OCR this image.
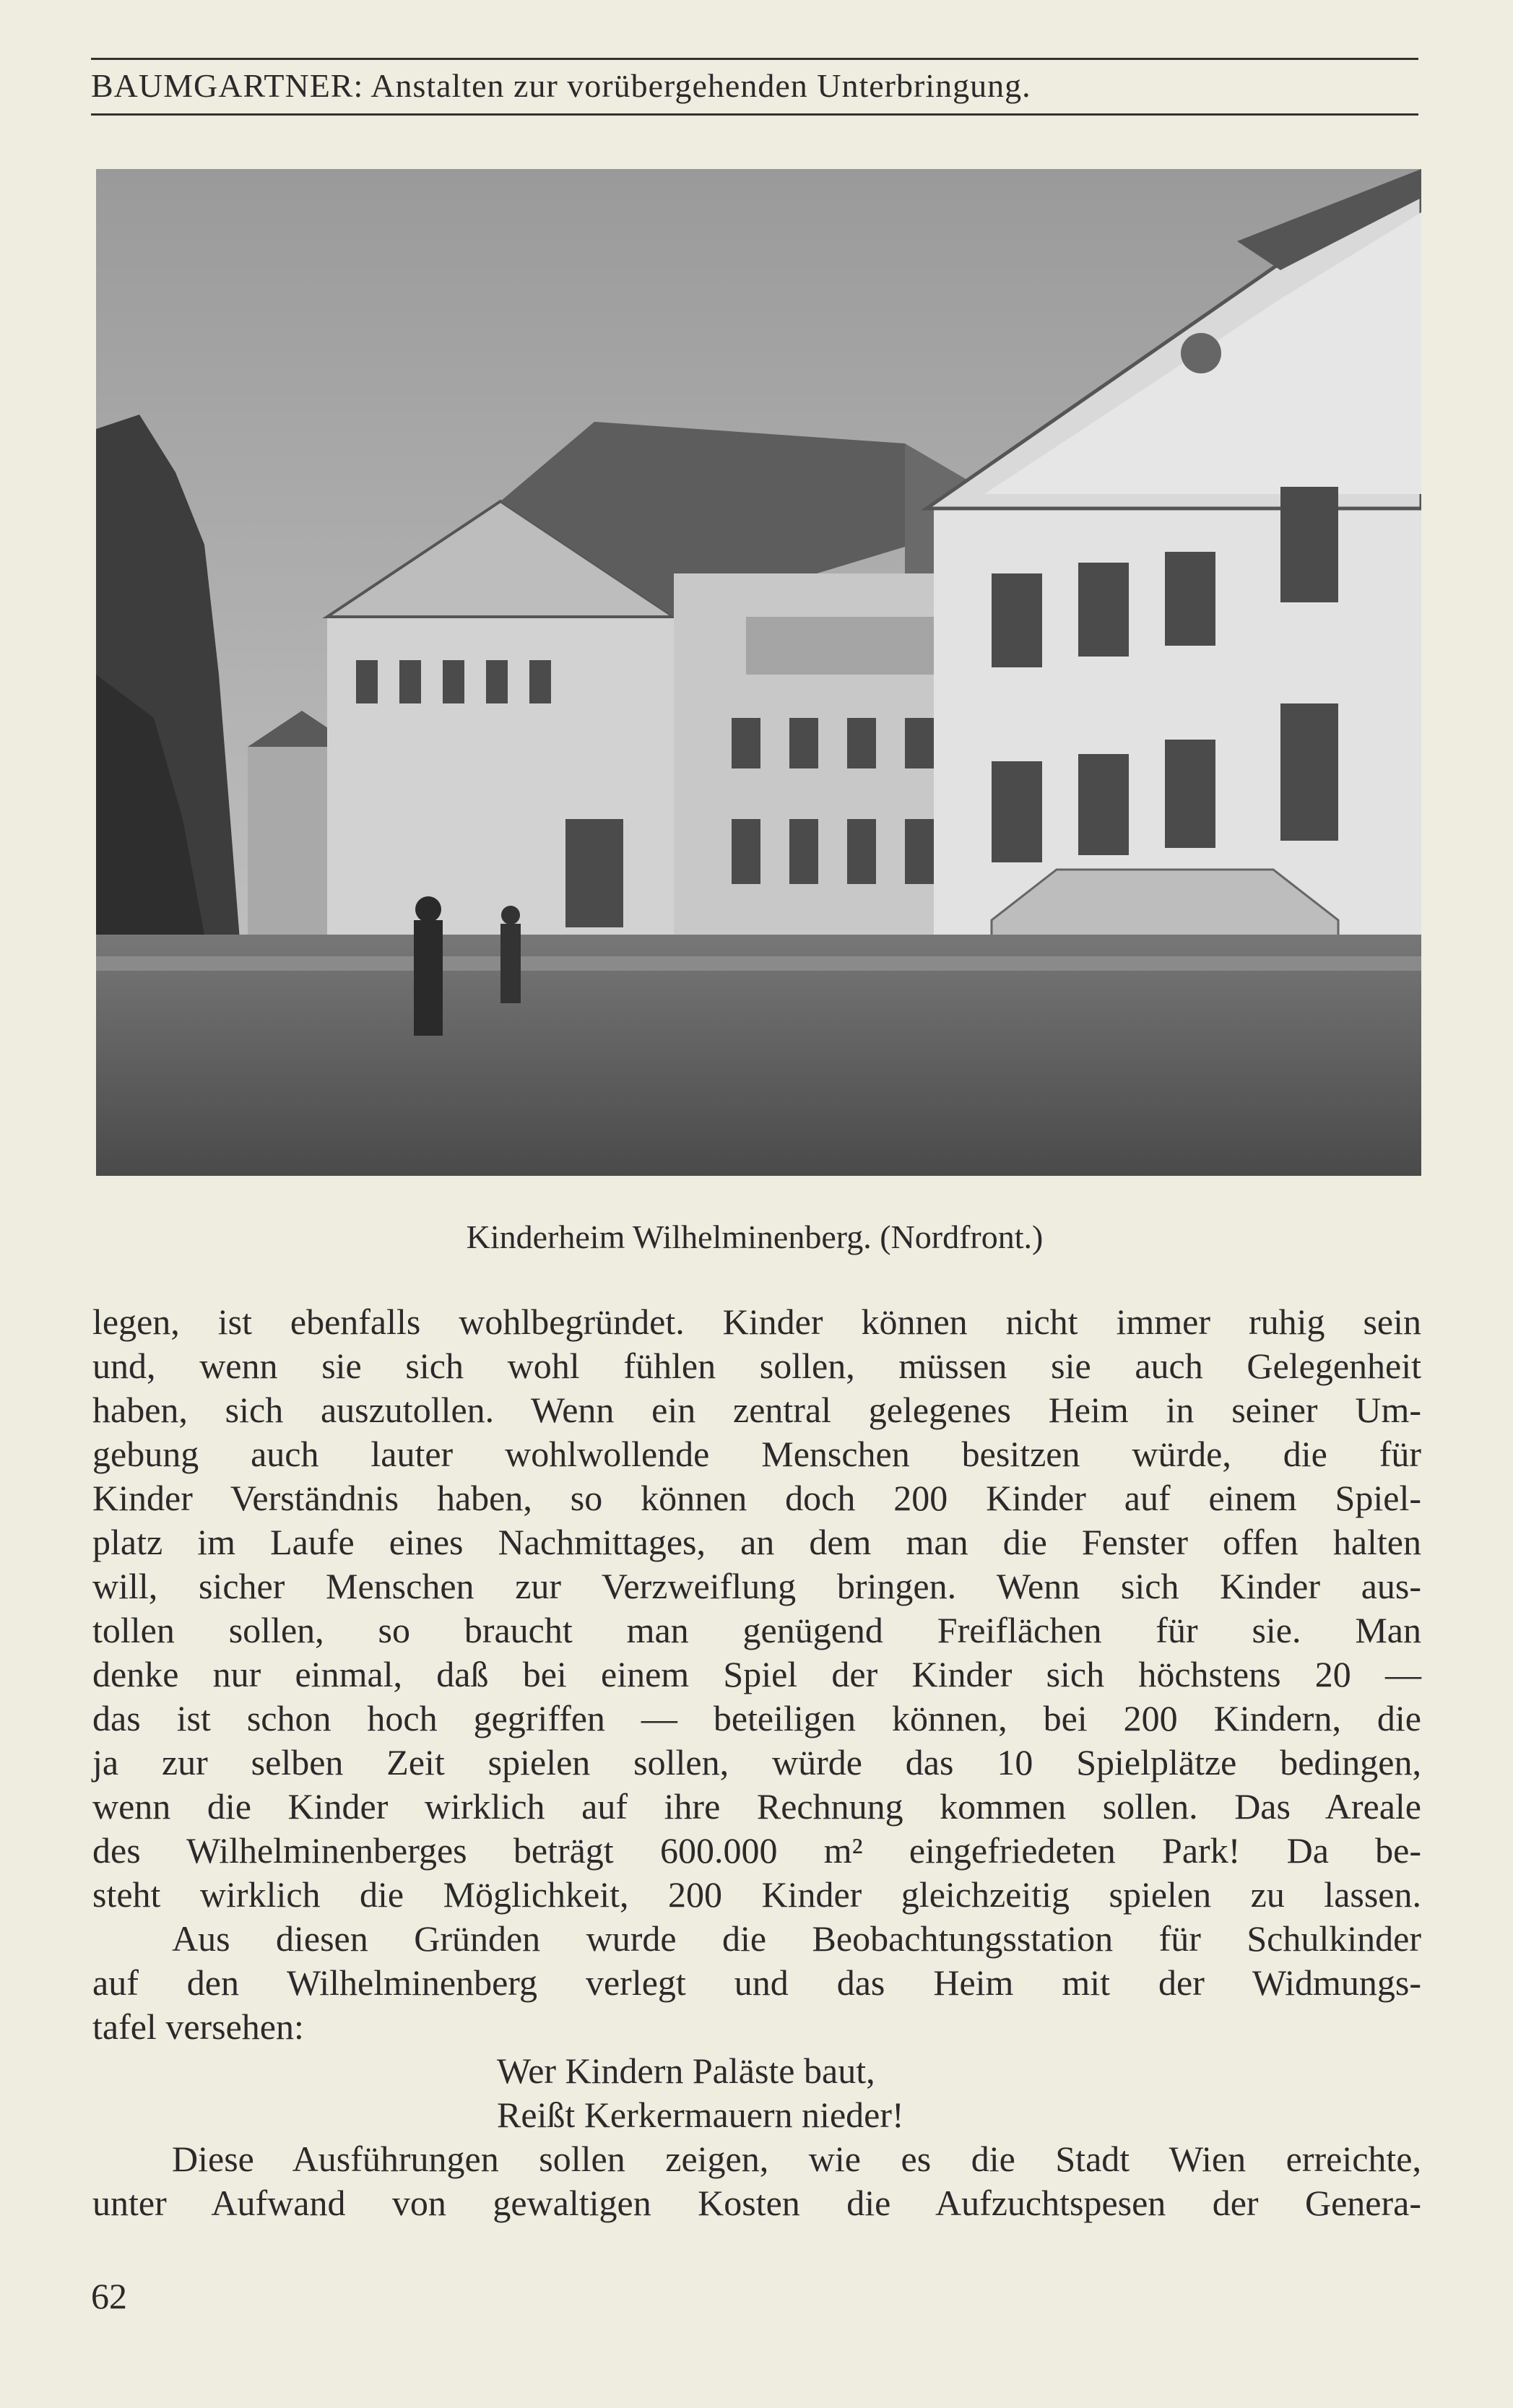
BAUMGARTNER: Anstalten zur vorübergehenden Unterbringung.
Kinderheim Wilhelminenberg. (Nordfront.)
legen, ist ebenfalls wohlbegründet. Kinder können nicht immer ruhig sein
und, wenn sie sich wohl fühlen sollen, müssen sie auch Gelegenheit
haben, sich auszutollen. Wenn ein zentral gelegenes Heim in seiner Um-
gebung auch lauter wohlwollende Menschen besitzen würde, die für
Kinder Verständnis haben, so können doch 200 Kinder auf einem Spiel-
platz im Laufe eines Nachmittages, an dem man die Fenster offen halten
will, sicher Menschen zur Verzweiflung bringen. Wenn sich Kinder aus-
tollen sollen, so braucht man genügend Freiflächen für sie. Man
denke nur einmal, daß bei einem Spiel der Kinder sich höchstens 20 —
das ist schon hoch gegriffen — beteiligen können, bei 200 Kindern, die
ja zur selben Zeit spielen sollen, würde das 10 Spielplätze bedingen,
wenn die Kinder wirklich auf ihre Rechnung kommen sollen. Das Areale
des Wilhelminenberges beträgt 600.000 m² eingefriedeten Park! Da be-
steht wirklich die Möglichkeit, 200 Kinder gleichzeitig spielen zu lassen.
Aus diesen Gründen wurde die Beobachtungsstation für Schulkinder
auf den Wilhelminenberg verlegt und das Heim mit der Widmungs-
tafel versehen:
Wer Kindern Paläste baut,
Reißt Kerkermauern nieder!
Diese Ausführungen sollen zeigen, wie es die Stadt Wien erreichte,
unter Aufwand von gewaltigen Kosten die Aufzuchtspesen der Genera-
62
